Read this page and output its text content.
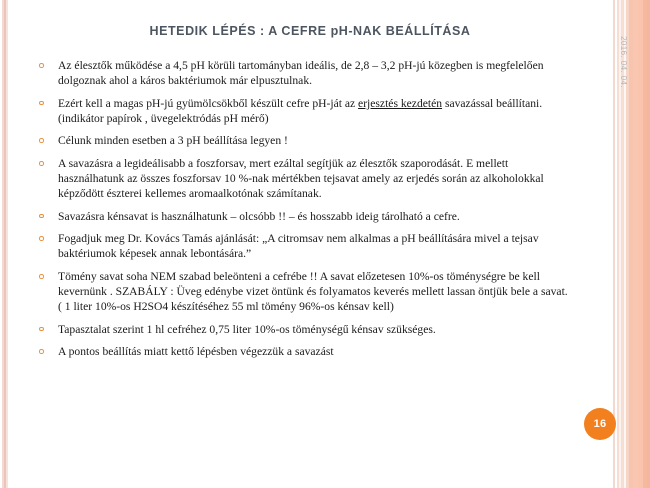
2016. 04. 04.
HETEDIK LÉPÉS : A CEFRE pH-NAK BEÁLLÍTÁSA
Az élesztők működése a 4,5 pH körüli tartományban ideális, de 2,8 – 3,2 pH-jú közegben is megfelelően dolgoznak ahol a káros baktériumok már elpusztulnak.
Ezért kell a magas pH-jú gyümölcsökből készült cefre pH-ját az erjesztés kezdetén savazással beállítani. (indikátor papírok , üvegelektródás pH mérő)
Célunk minden esetben a 3 pH beállítása legyen !
A savazásra a legideálisabb a foszforsav, mert ezáltal segítjük az élesztők szaporodását. E mellett használhatunk az összes foszforsav 10 %-nak mértékben tejsavat amely az erjedés során az alkoholokkal képződött észterei kellemes aromaalkotónak számítanak.
Savazásra kénsavat is használhatunk – olcsóbb !! – és hosszabb ideig tárolható a cefre.
Fogadjuk meg Dr. Kovács Tamás ajánlását: „A citromsav nem alkalmas a pH beállítására mivel a tejsav baktériumok képesek annak lebontására.”
Tömény savat soha NEM szabad beleönteni a cefrébe !! A savat előzetesen 10%-os töménységre be kell kevernünk . SZABÁLY : Üveg edénybe vizet öntünk és folyamatos keverés mellett lassan öntjük bele a savat. ( 1 liter 10%-os H2SO4 készítéséhez 55 ml tömény 96%-os kénsav kell)
Tapasztalat szerint 1 hl cefréhez 0,75 liter 10%-os töménységű kénsav szükséges.
A pontos beállítás miatt kettő lépésben végezzük a savazást
16
